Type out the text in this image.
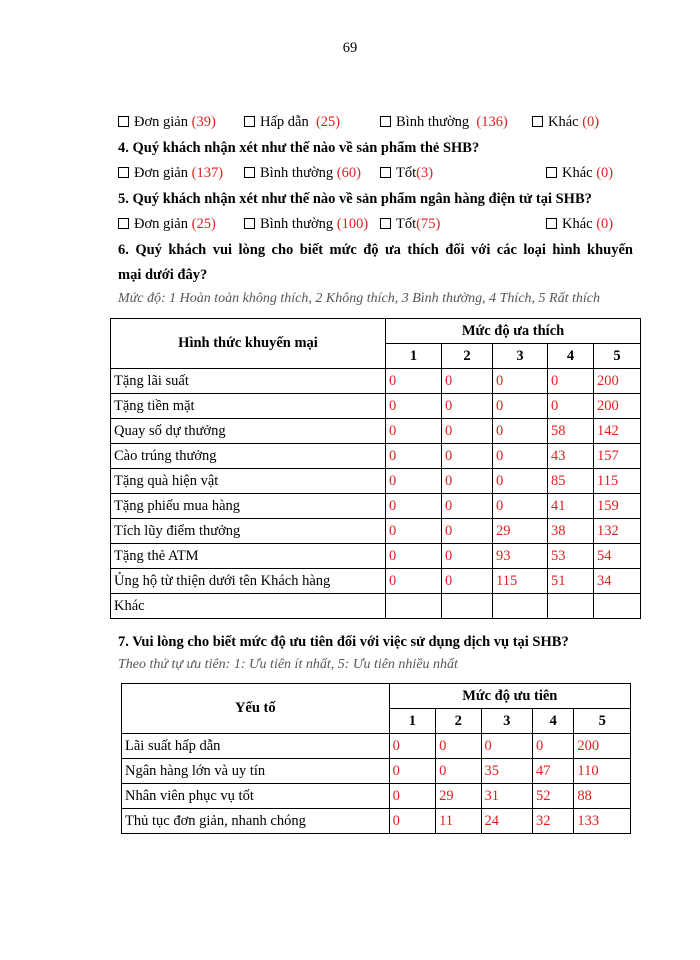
69
Đơn giản (39)	Hấp dẫn (25)	Bình thường (136)	Khác (0)
4. Quý khách nhận xét như thế nào về sản phẩm thẻ SHB?
Đơn giản (137)	Bình thường (60)	Tốt(3)	Khác (0)
5. Quý khách nhận xét như thế nào về sản phẩm ngân hàng điện tử tại SHB?
Đơn giản (25)	Bình thường (100)	Tốt(75)	Khác (0)
6. Quý khách vui lòng cho biết mức độ ưa thích đối với các loại hình khuyến
mại dưới đây?
Mức độ: 1 Hoàn toàn không thích, 2 Không thích, 3 Bình thường, 4 Thích, 5 Rất thích
Hình thức khuyến mại	Mức độ ưa thích				
	1	2	3	4	5
Tặng lãi suất	0	0	0	0	200
Tặng tiền mặt	0	0	0	0	200
Quay số dự thưởng	0	0	0	58	142
Cào trúng thưởng	0	0	0	43	157
Tặng quà hiện vật	0	0	0	85	115
Tặng phiếu mua hàng	0	0	0	41	159
Tích lũy điểm thưởng	0	0	29	38	132
Tặng thẻ ATM	0	0	93	53	54
Ủng hộ từ thiện dưới tên Khách hàng	0	0	115	51	34
Khác					
7. Vui lòng cho biết mức độ ưu tiên đối với việc sử dụng dịch vụ tại SHB?
Theo thứ tự ưu tiên: 1: Ưu tiên ít nhất, 5: Ưu tiên nhiều nhất
Yếu tố	Mức độ ưu tiên				
	1	2	3	4	5
Lãi suất hấp dẫn	0	0	0	0	200
Ngân hàng lớn và uy tín	0	0	35	47	110
Nhân viên phục vụ tốt	0	29	31	52	88
Thủ tục đơn giản, nhanh chóng	0	11	24	32	133
